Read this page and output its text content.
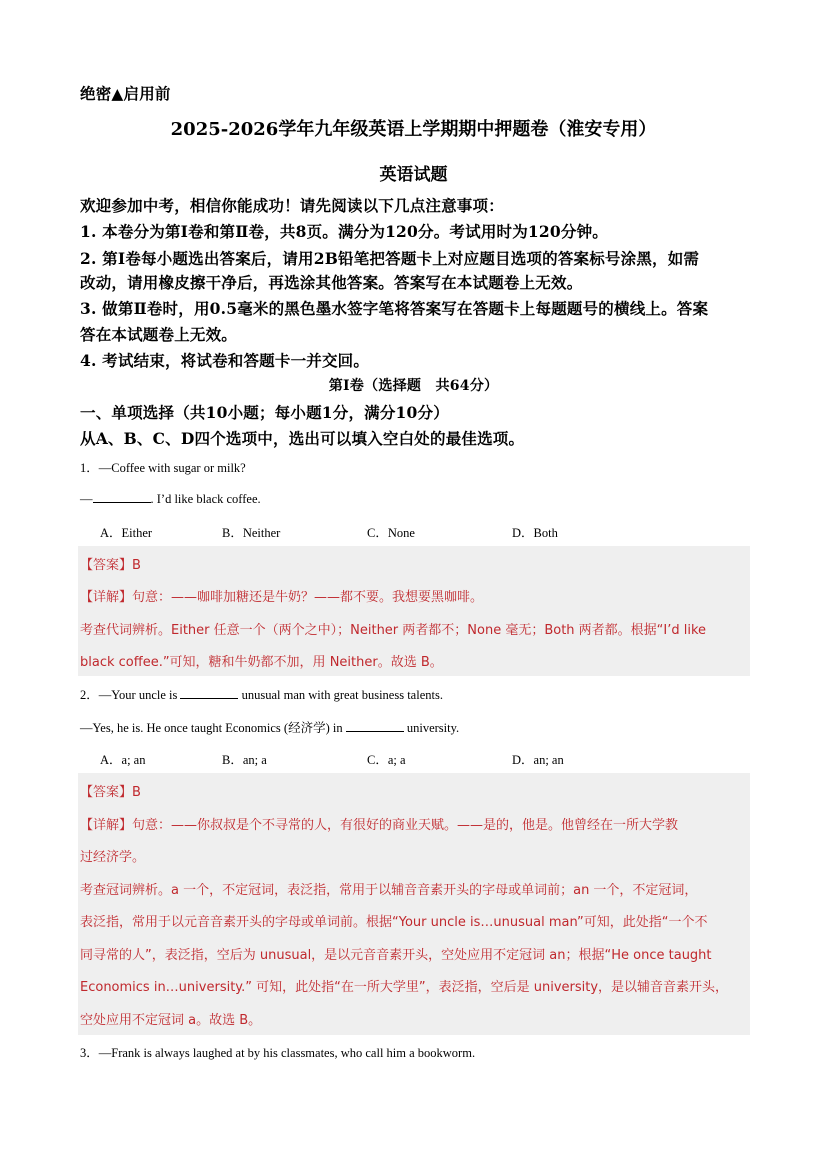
绝密▲启用前
2025-2026学年九年级英语上学期期中押题卷（淮安专用）
英语试题
欢迎参加中考，相信你能成功！请先阅读以下几点注意事项：
1. 本卷分为第Ⅰ卷和第Ⅱ卷，共8页。满分为120分。考试用时为120分钟。
2. 第Ⅰ卷每小题选出答案后，请用2B铅笔把答题卡上对应题目选项的答案标号涂黑，如需
改动，请用橡皮擦干净后，再选涂其他答案。答案写在本试题卷上无效。
3. 做第Ⅱ卷时，用0.5毫米的黑色墨水签字笔将答案写在答题卡上每题题号的横线上。答案
答在本试题卷上无效。
4. 考试结束，将试卷和答题卡一并交回。
第Ⅰ卷（选择题　共64分）
一、单项选择（共10小题；每小题1分，满分10分）
从A、B、C、D四个选项中，选出可以填入空白处的最佳选项。
1．—Coffee with sugar or milk?
—	. I’d like black coffee.
A．Either	B．Neither	C．None	D．Both
【答案】B
【详解】句意：——咖啡加糖还是牛奶？——都不要。我想要黑咖啡。
考查代词辨析。Either 任意一个（两个之中）；Neither 两者都不；None 毫无；Both 两者都。根据“I’d like
black coffee.”可知，糖和牛奶都不加，用 Neither。故选 B。
2．—Your uncle is	unusual man with great business talents.
—Yes, he is. He once taught Economics (经济学) in	university.
A．a; an	B．an; a	C．a; a	D．an; an
【答案】B
【详解】句意：——你叔叔是个不寻常的人，有很好的商业天赋。——是的，他是。他曾经在一所大学教
过经济学。
考查冠词辨析。a 一个，不定冠词，表泛指，常用于以辅音音素开头的字母或单词前；an 一个，不定冠词，
表泛指，常用于以元音音素开头的字母或单词前。根据“Your uncle is…unusual man”可知，此处指“一个不
同寻常的人”，表泛指，空后为 unusual，是以元音音素开头，空处应用不定冠词 an；根据“He once taught
Economics in…university.” 可知，此处指“在一所大学里”，表泛指，空后是 university，是以辅音音素开头，
空处应用不定冠词 a。故选 B。
3．—Frank is always laughed at by his classmates, who call him a bookworm.
